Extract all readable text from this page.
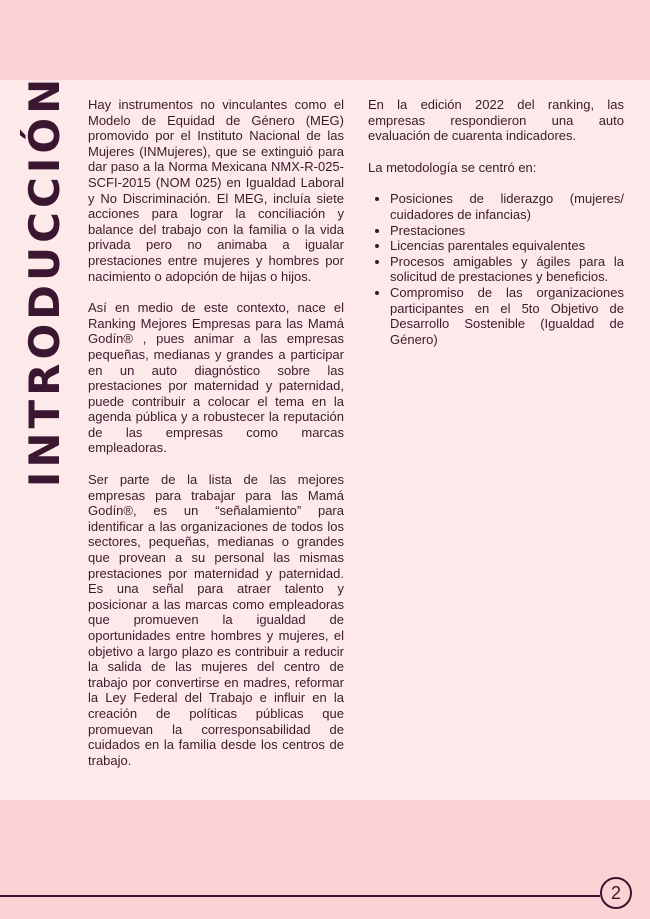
INTRODUCCIÓN Hay instrumentos no vinculantes como el Modelo de Equidad de Género (MEG) promovido por el Instituto Nacional de las Mujeres (INMujeres), que se extinguió para dar paso a la Norma Mexicana NMX-R-025-SCFI-2015 (NOM 025) en Igualdad Laboral y No Discriminación. El MEG, incluía siete acciones para lograr la conciliación y balance del trabajo con la familia o la vida privada pero no animaba a igualar prestaciones entre mujeres y hombres por nacimiento o adopción de hijas o hijos.

Así en medio de este contexto, nace el Ranking Mejores Empresas para las Mamá Godín® , pues animar a las empresas pequeñas, medianas y grandes a participar en un auto diagnóstico sobre las prestaciones por maternidad y paternidad, puede contribuir a colocar el tema en la agenda pública y a robustecer la reputación de las empresas como marcas empleadoras.

Ser parte de la lista de las mejores empresas para trabajar para las Mamá Godín®, es un “señalamiento” para identificar a las organizaciones de todos los sectores, pequeñas, medianas o grandes que provean a su personal las mismas prestaciones por maternidad y paternidad. Es una señal para atraer talento y posicionar a las marcas como empleadoras que promueven la igualdad de oportunidades entre hombres y mujeres, el objetivo a largo plazo es contribuir a reducir la salida de las mujeres del centro de trabajo por convertirse en madres, reformar la Ley Federal del Trabajo e influir en la creación de políticas públicas que promuevan la corresponsabilidad de cuidados en la familia desde los centros de trabajo.

En la edición 2022 del ranking, las empresas respondieron una auto evaluación de cuarenta indicadores.

La metodología se centró en:

• Posiciones de liderazgo (mujeres/ cuidadores de infancias)
• Prestaciones
• Licencias parentales equivalentes
• Procesos amigables y ágiles para la solicitud de prestaciones y beneficios.
• Compromiso de las organizaciones participantes en el 5to Objetivo de Desarrollo Sostenible (Igualdad de Género)
2
